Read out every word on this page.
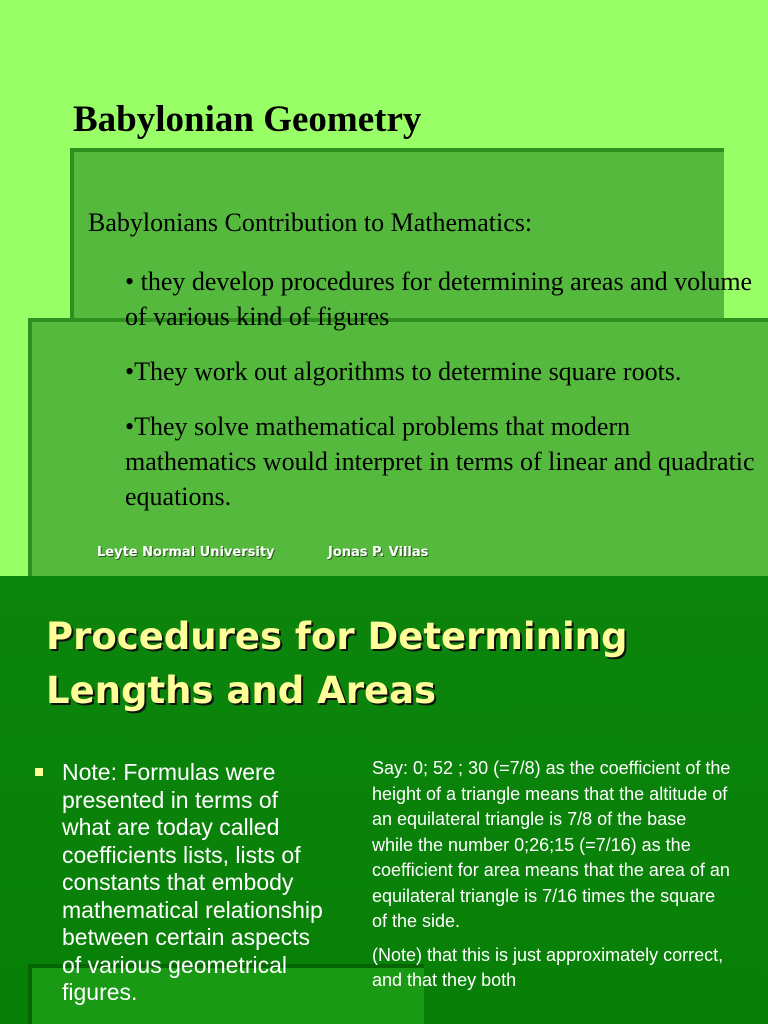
Babylonian Geometry

Babylonians Contribution to Mathematics:

• they develop procedures for determining areas and volume of various kind of figures
•They work out algorithms to determine square roots.
•They solve mathematical problems that modern mathematics would interpret in terms of linear and quadratic equations.
Leyte Normal University	Jonas P. Villas
Procedures for Determining Lengths and Areas

Note: Formulas were presented in terms of what are today called coefficients lists, lists of constants that embody mathematical relationship between certain aspects of various geometrical figures.

Say: 0; 52 ; 30 (=7/8) as the coefficient of the height of a triangle means that the altitude of an equilateral triangle is 7/8 of the base while the number 0;26;15 (=7/16) as the coefficient for area means that the area of an equilateral triangle is 7/16 times the square of the side.

(Note) that this is just approximately correct, and that they both
